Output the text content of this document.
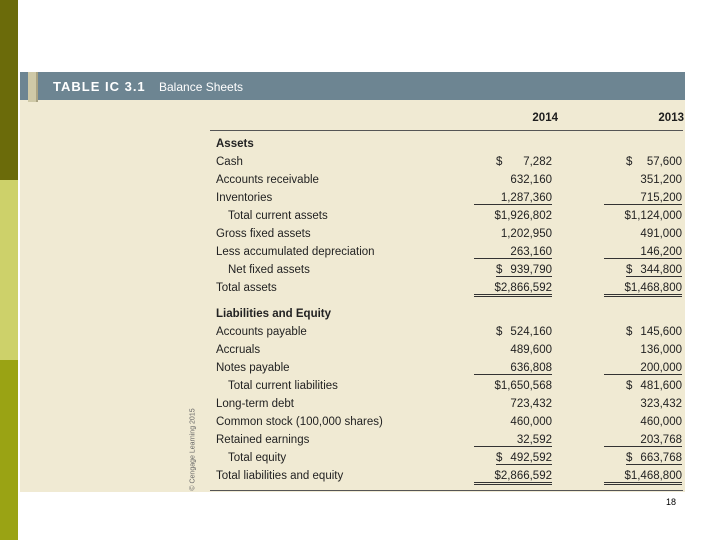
TABLE IC 3.1 Balance Sheets
2014	2013
Assets
Cash	$	7,282	$	57,600
Accounts receivable	632,160	351,200
Inventories	1,287,360	715,200
Total current assets	$1,926,802	$1,124,000
Gross fixed assets	1,202,950	491,000
Less accumulated depreciation	263,160	146,200
Net fixed assets	$ 939,790	$ 344,800
Total assets	$2,866,592	$1,468,800
Liabilities and Equity
Accounts payable	$ 524,160	$ 145,600
Accruals	489,600	136,000
Notes payable	636,808	200,000
Total current liabilities	$1,650,568	$ 481,600
Long-term debt	723,432	323,432
Common stock (100,000 shares)	460,000	460,000
Retained earnings	32,592	203,768
Total equity	$ 492,592	$ 663,768
Total liabilities and equity	$2,866,592	$1,468,800
© Cengage Learning 2015
18
